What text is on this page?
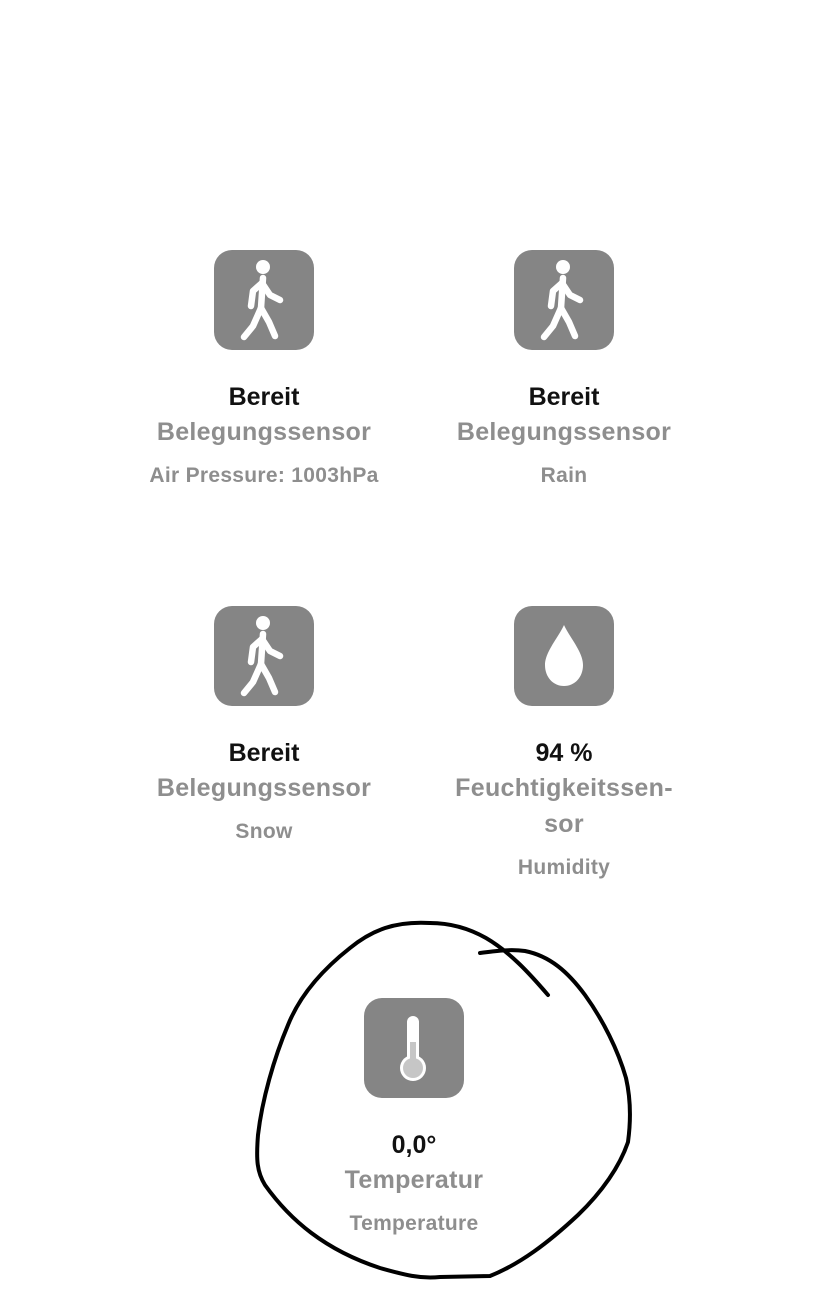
Bereit
Belegungssensor
Air Pressure: 1003hPa
Bereit
Belegungssensor
Rain
Bereit
Belegungssensor
Snow
94 %
Feuchtigkeitssen-
sor
Humidity
0,0°
Temperatur
Temperature
